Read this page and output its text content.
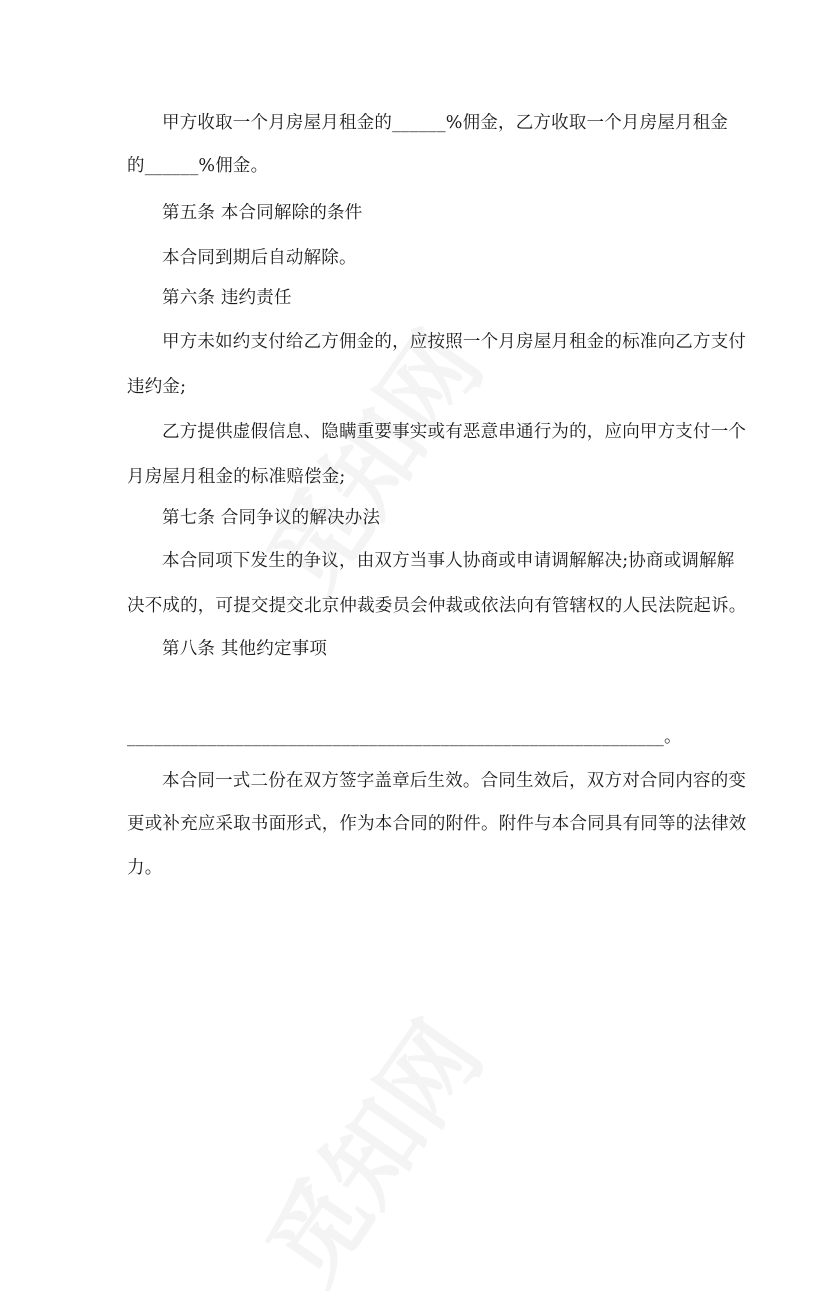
甲方收取一个月房屋月租金的______%佣金，乙方收取一个月房屋月租金
的______%佣金。
第五条 本合同解除的条件
本合同到期后自动解除。
第六条 违约责任
甲方未如约支付给乙方佣金的，应按照一个月房屋月租金的标准向乙方支付
违约金;
乙方提供虚假信息、隐瞒重要事实或有恶意串通行为的，应向甲方支付一个
月房屋月租金的标准赔偿金;
第七条 合同争议的解决办法
本合同项下发生的争议，由双方当事人协商或申请调解解决;协商或调解解
决不成的，可提交提交北京仲裁委员会仲裁或依法向有管辖权的人民法院起诉。
第八条 其他约定事项
____________________________________________________________。
本合同一式二份在双方签字盖章后生效。合同生效后，双方对合同内容的变
更或补充应采取书面形式，作为本合同的附件。附件与本合同具有同等的法律效
力。
